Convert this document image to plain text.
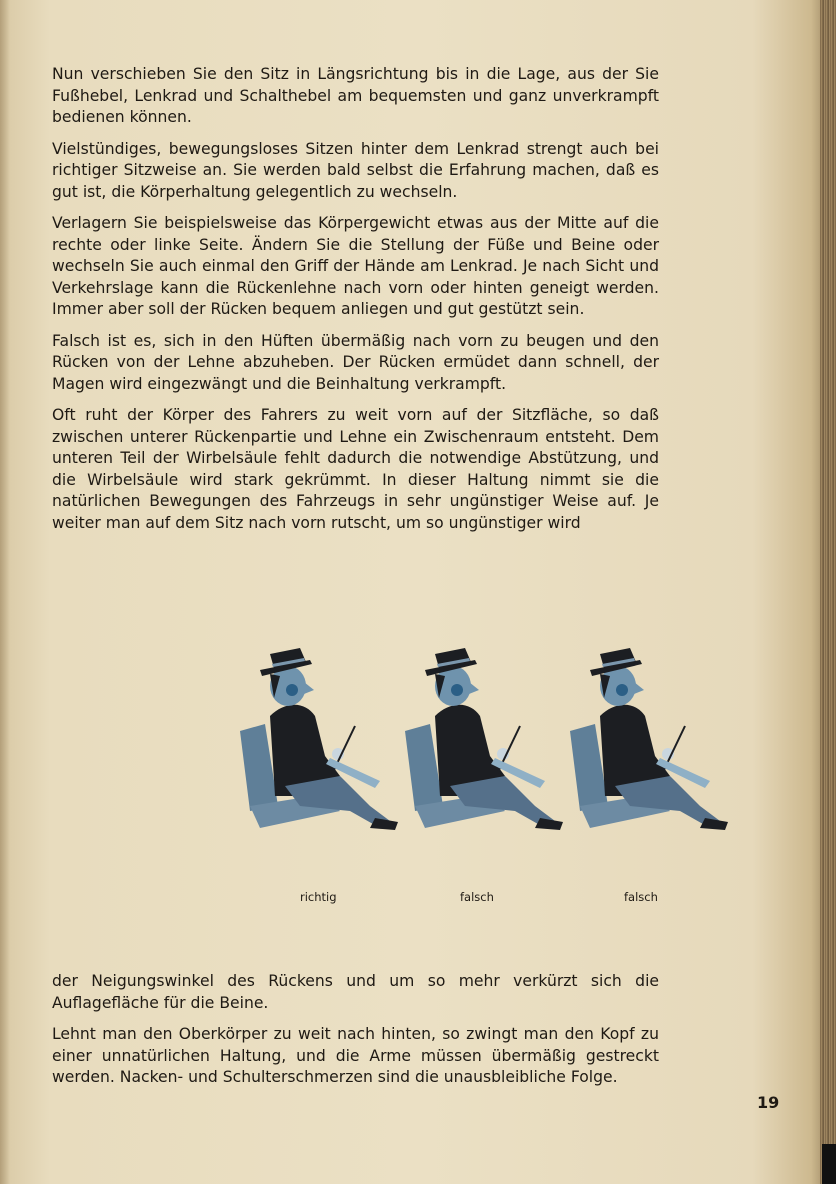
Nun verschieben Sie den Sitz in Längsrichtung bis in die Lage, aus der Sie Fußhebel, Lenkrad und Schalthebel am bequemsten und ganz unverkrampft bedienen können.

Vielstündiges, bewegungsloses Sitzen hinter dem Lenkrad strengt auch bei richtiger Sitzweise an. Sie werden bald selbst die Erfahrung machen, daß es gut ist, die Körperhaltung gelegentlich zu wechseln.

Verlagern Sie beispielsweise das Körpergewicht etwas aus der Mitte auf die rechte oder linke Seite. Ändern Sie die Stellung der Füße und Beine oder wechseln Sie auch einmal den Griff der Hände am Lenkrad. Je nach Sicht und Verkehrslage kann die Rückenlehne nach vorn oder hinten geneigt werden. Immer aber soll der Rücken bequem anliegen und gut gestützt sein.

Falsch ist es, sich in den Hüften übermäßig nach vorn zu beugen und den Rücken von der Lehne abzuheben. Der Rücken ermüdet dann schnell, der Magen wird eingezwängt und die Beinhaltung verkrampft.

Oft ruht der Körper des Fahrers zu weit vorn auf der Sitzfläche, so daß zwischen unterer Rückenpartie und Lehne ein Zwischenraum entsteht. Dem unteren Teil der Wirbelsäule fehlt dadurch die notwendige Abstützung, und die Wirbelsäule wird stark gekrümmt. In dieser Haltung nimmt sie die natürlichen Bewegungen des Fahrzeugs in sehr ungünstiger Weise auf. Je weiter man auf dem Sitz nach vorn rutscht, um so ungünstiger wird

richtig	falsch	falsch

der Neigungswinkel des Rückens und um so mehr verkürzt sich die Auflagefläche für die Beine.

Lehnt man den Oberkörper zu weit nach hinten, so zwingt man den Kopf zu einer unnatürlichen Haltung, und die Arme müssen übermäßig gestreckt werden. Nacken- und Schulterschmerzen sind die unausbleibliche Folge.

19
